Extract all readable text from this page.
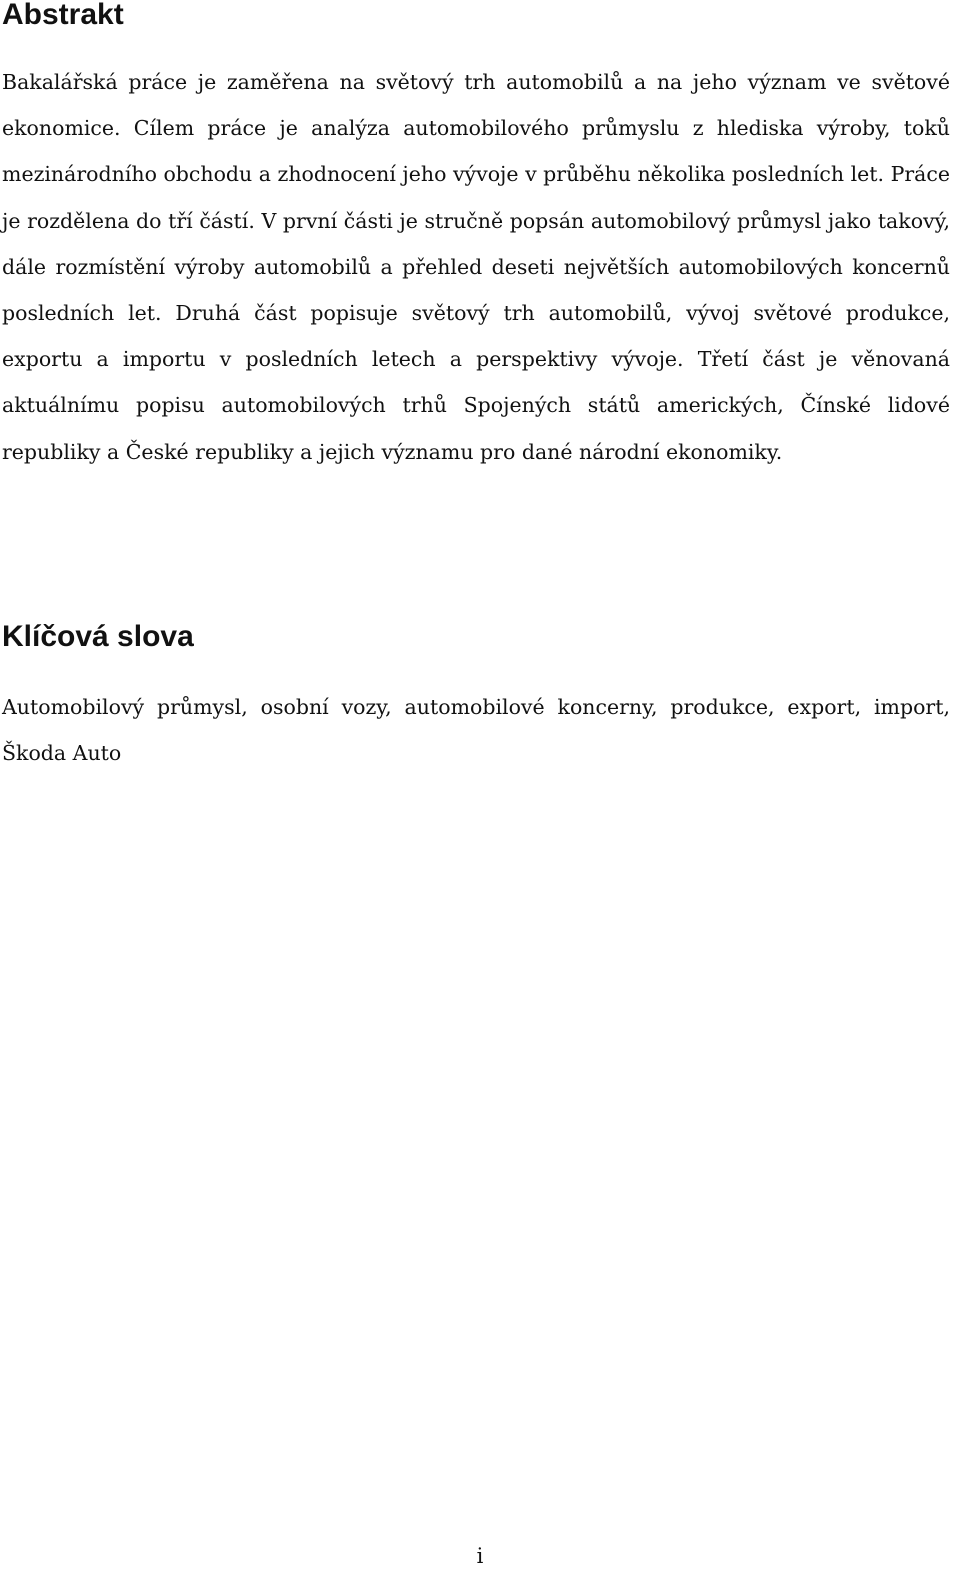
Abstrakt

Bakalářská práce je zaměřena na světový trh automobilů a na jeho význam ve světové ekonomice. Cílem práce je analýza automobilového průmyslu z hlediska výroby, toků mezinárodního obchodu a zhodnocení jeho vývoje v průběhu několika posledních let. Práce je rozdělena do tří částí. V první části je stručně popsán automobilový průmysl jako takový, dále rozmístění výroby automobilů a přehled deseti největších automobilových koncernů posledních let. Druhá část popisuje světový trh automobilů, vývoj světové produkce, exportu a importu v posledních letech a perspektivy vývoje. Třetí část je věnovaná aktuálnímu popisu automobilových trhů Spojených států amerických, Čínské lidové republiky a České republiky a jejich významu pro dané národní ekonomiky.

Klíčová slova

Automobilový průmysl, osobní vozy, automobilové koncerny, produkce, export, import, Škoda Auto

i
